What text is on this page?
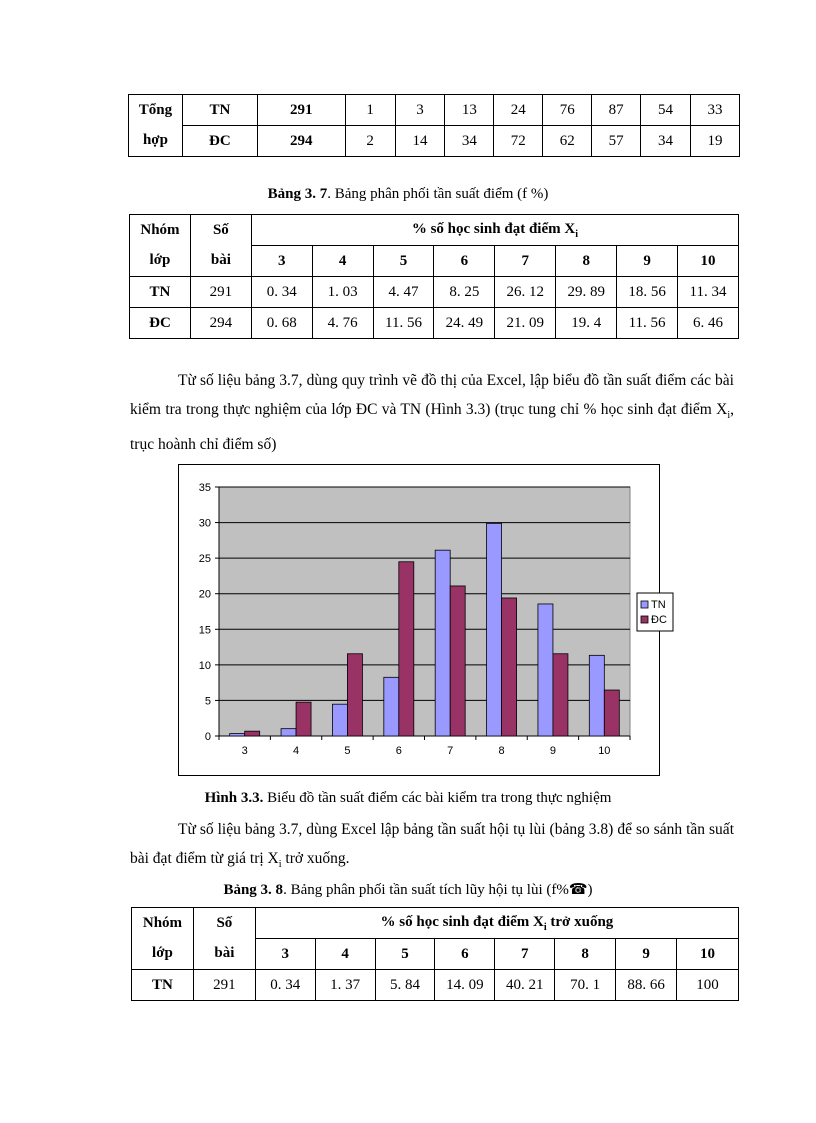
Tổng	TN	291	1	3	13	24	76	87	54	33
hợp	ĐC	294	2	14	34	72	62	57	34	19
Bảng 3. 7. Bảng phân phối tần suất điểm (f %)
Nhóm	Số	% số học sinh đạt điểm $X_i$
lớp	bài	3	4	5	6	7	8	9	10
TN	291	0. 34	1. 03	4. 47	8. 25	26. 12	29. 89	18. 56	11. 34
ĐC	294	0. 68	4. 76	11. 56	24. 49	21. 09	19. 4	11. 56	6. 46

Từ số liệu bảng 3.7, dùng quy trình vẽ đồ thị của Excel, lập biểu đồ tần suất điểm các bài kiểm tra trong thực nghiệm của lớp ĐC và TN (Hình 3.3) (trục tung chỉ % học sinh đạt điểm $X_i$, trục hoành chỉ điểm số)

0
5
10
15
20
25
30
35
3	4	5	6	7	8	9	10
TN
ĐC
Hình 3.3. Biểu đồ tần suất điểm các bài kiểm tra trong thực nghiệm

Từ số liệu bảng 3.7, dùng Excel lập bảng tần suất hội tụ lùi (bảng 3.8) để so sánh tần suất bài đạt điểm từ giá trị $X_i$ trở xuống.

Bảng 3. 8. Bảng phân phối tần suất tích lũy hội tụ lùi (f%☎)
Nhóm	Số	% số học sinh đạt điểm $X_i$ trở xuống							
lớp	bài	3	4	5	6	7	8	9	10
TN	291	0. 34	1. 37	5. 84	14. 09	40. 21	70. 1	88. 66	100
